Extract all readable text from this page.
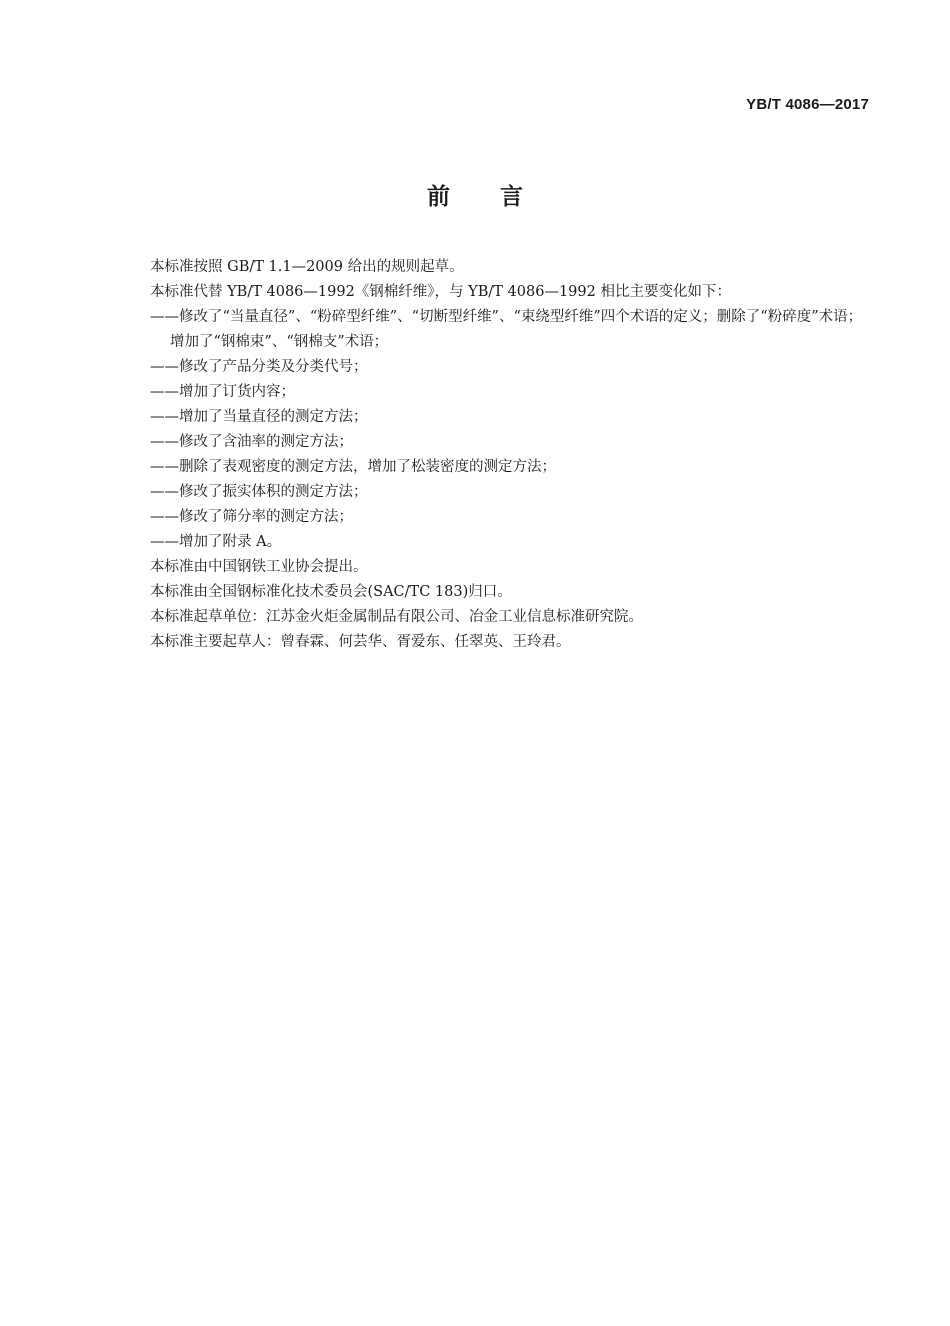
YB/T 4086—2017
前言

本标准按照 GB/T 1.1—2009 给出的规则起草。

本标准代替 YB/T 4086—1992《钢棉纤维》，与 YB/T 4086—1992 相比主要变化如下：

——修改了“当量直径”、“粉碎型纤维”、“切断型纤维”、“束绕型纤维”四个术语的定义；删除了“粉碎度”术语；增加了“钢棉束”、“钢棉支”术语；

——修改了产品分类及分类代号；

——增加了订货内容；

——增加了当量直径的测定方法；

——修改了含油率的测定方法；

——删除了表观密度的测定方法，增加了松装密度的测定方法；

——修改了振实体积的测定方法；

——修改了筛分率的测定方法；

——增加了附录 A。

本标准由中国钢铁工业协会提出。

本标准由全国钢标准化技术委员会(SAC/TC 183)归口。

本标准起草单位：江苏金火炬金属制品有限公司、冶金工业信息标准研究院。

本标准主要起草人：曾春霖、何芸华、胥爱东、任翠英、王玲君。
